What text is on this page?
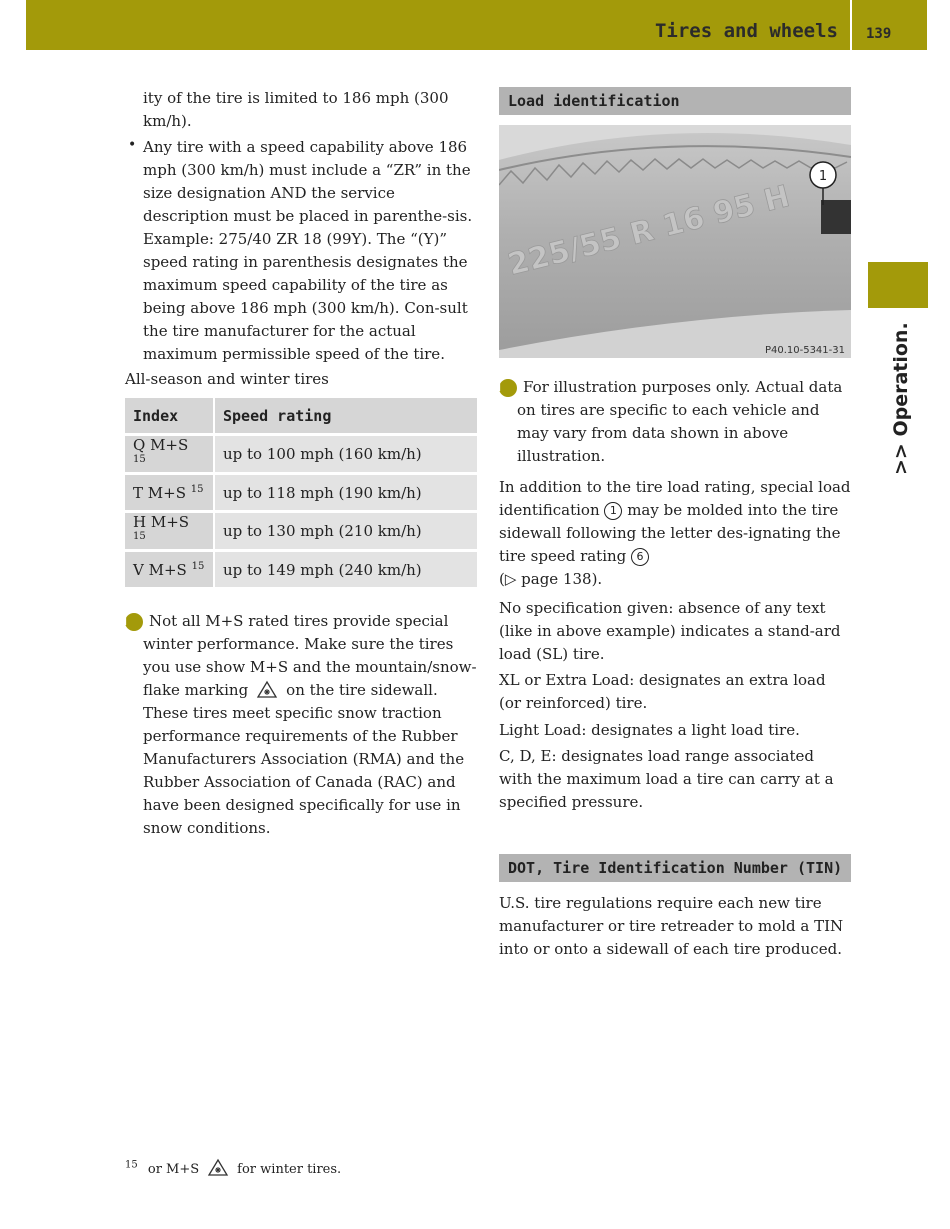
Tires and wheels 139
>> Operation.

ity of the tire is limited to 186 mph (300 km/h).

• Any tire with a speed capability above 186 mph (300 km/h) must include a “ZR” in the size designation AND the service description must be placed in parenthe-sis. Example: 275/40 ZR 18 (99Y). The “(Y)” speed rating in parenthesis designates the maximum speed capability of the tire as being above 186 mph (300 km/h). Con-sult the tire manufacturer for the actual maximum permissible speed of the tire.

All-season and winter tires

Index	Speed rating
Q M+S $^{15}$	up to 100 mph (160 km/h)
T M+S $^{15}$	up to 118 mph (190 km/h)
H M+S $^{15}$	up to 130 mph (210 km/h)
V M+S $^{15}$	up to 149 mph (240 km/h)

i Not all M+S rated tires provide special winter performance. Make sure the tires you use show M+S and the mountain/snow-flake marking	on the tire sidewall. These tires meet specific snow traction performance requirements of the Rubber Manufacturers Association (RMA) and the Rubber Association of Canada (RAC) and have been designed specifically for use in snow conditions.

Load identification
225/55 R 16 95 H
1
P40.10-5341-31

i For illustration purposes only. Actual data on tires are specific to each vehicle and may vary from data shown in above illustration.

In addition to the tire load rating, special load identification 1 may be molded into the tire sidewall following the letter des-ignating the tire speed rating 6
(▷ page 138).

No specification given: absence of any text (like in above example) indicates a stand-ard load (SL) tire.

XL or Extra Load: designates an extra load (or reinforced) tire.

Light Load: designates a light load tire.

C, D, E: designates load range associated with the maximum load a tire can carry at a specified pressure.

DOT, Tire Identification Number (TIN)

U.S. tire regulations require each new tire manufacturer or tire retreader to mold a TIN into or onto a sidewall of each tire produced.

$^{15}$ or M+S	for winter tires.
